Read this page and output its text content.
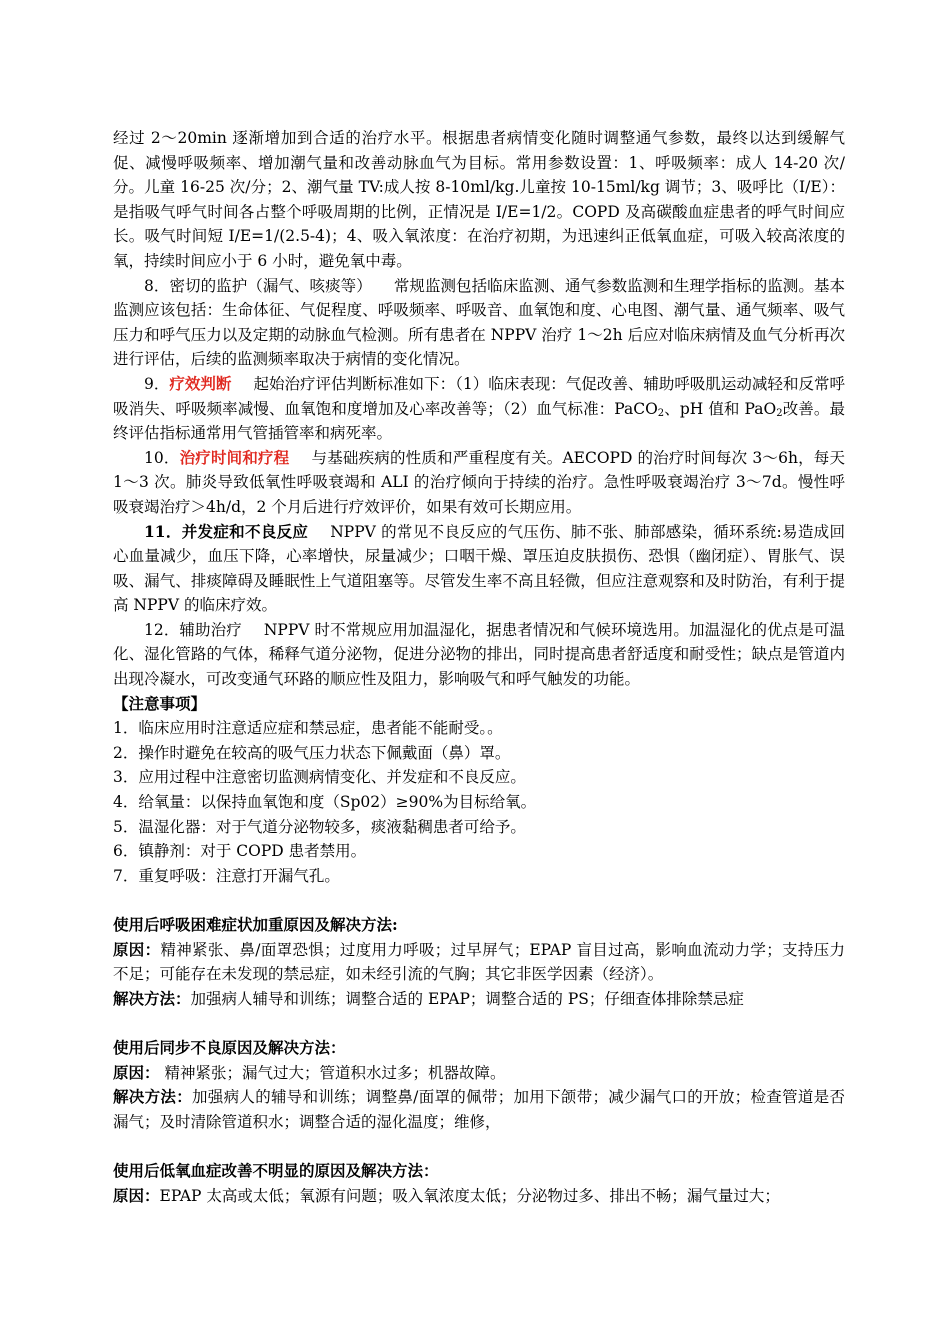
经过 2～20min 逐渐增加到合适的治疗水平。根据患者病情变化随时调整通气参数，最终以达到缓解气促、减慢呼吸频率、增加潮气量和改善动脉血气为目标。常用参数设置：1、呼吸频率：成人 14-20 次/分。儿童 16-25 次/分；2、潮气量 TV:成人按 8-10ml/kg.儿童按 10-15ml/kg 调节；3、吸呼比（I/E）：是指吸气呼气时间各占整个呼吸周期的比例，正情况是 I/E=1/2。COPD 及高碳酸血症患者的呼气时间应长。吸气时间短 I/E=1/(2.5-4)；4、吸入氧浓度：在治疗初期，为迅速纠正低氧血症，可吸入较高浓度的氧，持续时间应小于 6 小时，避免氧中毒。

8．密切的监护（漏气、咳痰等） 常规监测包括临床监测、通气参数监测和生理学指标的监测。基本监测应该包括：生命体征、气促程度、呼吸频率、呼吸音、血氧饱和度、心电图、潮气量、通气频率、吸气压力和呼气压力以及定期的动脉血气检测。所有患者在 NPPV 治疗 1～2h 后应对临床病情及血气分析再次进行评估，后续的监测频率取决于病情的变化情况。

9．疗效判断 起始治疗评估判断标准如下：（1）临床表现：气促改善、辅助呼吸肌运动减轻和反常呼吸消失、呼吸频率减慢、血氧饱和度增加及心率改善等；（2）血气标准：PaCO$_2$、pH 值和 PaO$_2$改善。最终评估指标通常用气管插管率和病死率。

10．治疗时间和疗程 与基础疾病的性质和严重程度有关。AECOPD 的治疗时间每次 3～6h，每天 1～3 次。肺炎导致低氧性呼吸衰竭和 ALI 的治疗倾向于持续的治疗。急性呼吸衰竭治疗 3～7d。慢性呼吸衰竭治疗＞4h/d，2 个月后进行疗效评价，如果有效可长期应用。

11．并发症和不良反应 NPPV 的常见不良反应的气压伤、肺不张、肺部感染，循环系统:易造成回心血量减少，血压下降，心率增快，尿量减少；口咽干燥、罩压迫皮肤损伤、恐惧（幽闭症）、胃胀气、误吸、漏气、排痰障碍及睡眠性上气道阻塞等。尽管发生率不高且轻微，但应注意观察和及时防治，有利于提高 NPPV 的临床疗效。

12．辅助治疗 NPPV 时不常规应用加温湿化，据患者情况和气候环境选用。加温湿化的优点是可温化、湿化管路的气体，稀释气道分泌物，促进分泌物的排出，同时提高患者舒适度和耐受性；缺点是管道内出现冷凝水，可改变通气环路的顺应性及阻力，影响吸气和呼气触发的功能。

【注意事项】

1．临床应用时注意适应症和禁忌症，患者能不能耐受。。

2．操作时避免在较高的吸气压力状态下佩戴面（鼻）罩。

3．应用过程中注意密切监测病情变化、并发症和不良反应。

4．给氧量：以保持血氧饱和度（Sp02）≥90%为目标给氧。

5．温湿化器：对于气道分泌物较多，痰液黏稠患者可给予。

6．镇静剂：对于 COPD 患者禁用。

7．重复呼吸：注意打开漏气孔。

使用后呼吸困难症状加重原因及解决方法:

原因：精神紧张、鼻/面罩恐惧；过度用力呼吸；过早屏气；EPAP 盲目过高，影响血流动力学；支持压力不足；可能存在未发现的禁忌症，如未经引流的气胸；其它非医学因素（经济）。

解决方法：加强病人辅导和训练；调整合适的 EPAP；调整合适的 PS；仔细查体排除禁忌症

使用后同步不良原因及解决方法：

原因： 精神紧张；漏气过大；管道积水过多；机器故障。

解决方法：加强病人的辅导和训练；调整鼻/面罩的佩带；加用下颌带；减少漏气口的开放；检查管道是否漏气；及时清除管道积水；调整合适的湿化温度；维修，

使用后低氧血症改善不明显的原因及解决方法：

原因：EPAP 太高或太低；氧源有问题；吸入氧浓度太低；分泌物过多、排出不畅；漏气量过大；
